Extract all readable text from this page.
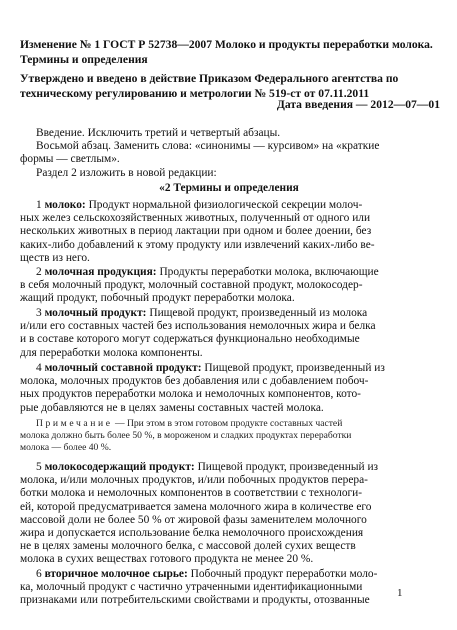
Изменение № 1 ГОСТ Р 52738—2007 Молоко и продукты переработки молока. Термины и определения
Утверждено и введено в действие Приказом Федерального агентства по техническому регулированию и метрологии № 519-ст от 07.11.2011
Дата введения — 2012—07—01
Введение. Исключить третий и четвертый абзацы.
Восьмой абзац. Заменить слова: «синонимы — курсивом» на «краткие
формы — светлым».
Раздел 2 изложить в новой редакции:
«2 Термины и определения
1 молоко: Продукт нормальной физиологической секреции молоч-
ных желез сельскохозяйственных животных, полученный от одного или
нескольких животных в период лактации при одном и более доении, без
каких-либо добавлений к этому продукту или извлечений каких-либо ве-
ществ из него.
2 молочная продукция: Продукты переработки молока, включающие
в себя молочный продукт, молочный составной продукт, молокосодер-
жащий продукт, побочный продукт переработки молока.
3 молочный продукт: Пищевой продукт, произведенный из молока
и/или его составных частей без использования немолочных жира и белка
и в составе которого могут содержаться функционально необходимые
для переработки молока компоненты.
4 молочный составной продукт: Пищевой продукт, произведенный из
молока, молочных продуктов без добавления или с добавлением побоч-
ных продуктов переработки молока и немолочных компонентов, кото-
рые добавляются не в целях замены составных частей молока.
Примечание — При этом в этом готовом продукте составных частей
молока должно быть более 50 %, в мороженом и сладких продуктах переработки
молока — более 40 %.
5 молокосодержащий продукт: Пищевой продукт, произведенный из
молока, и/или молочных продуктов, и/или побочных продуктов перера-
ботки молока и немолочных компонентов в соответствии с технологи-
ей, которой предусматривается замена молочного жира в количестве его
массовой доли не более 50 % от жировой фазы заменителем молочного
жира и допускается использование белка немолочного происхождения
не в целях замены молочного белка, с массовой долей сухих веществ
молока в сухих веществах готового продукта не менее 20 %.
6 вторичное молочное сырье: Побочный продукт переработки моло-
ка, молочный продукт с частично утраченными идентификационными
признаками или потребительскими свойствами и продукты, отозванные
1
